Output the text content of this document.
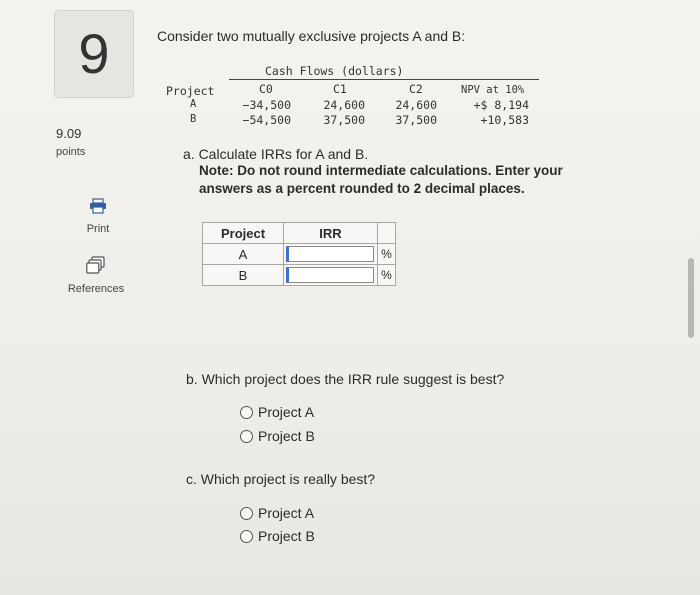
9
9.09
points
Print
References
Consider two mutually exclusive projects A and B:
Cash Flows (dollars)
Project	C0	C1	C2	NPV at 10%
A	−34,500	24,600	24,600	+$ 8,194
B	−54,500	37,500	37,500	+10,583
a. Calculate IRRs for A and B.
Note: Do not round intermediate calculations. Enter your answers as a percent rounded to 2 decimal places.
Project	IRR	
A		%
B		%
b. Which project does the IRR rule suggest is best?
Project A
Project B
c. Which project is really best?
Project A
Project B
